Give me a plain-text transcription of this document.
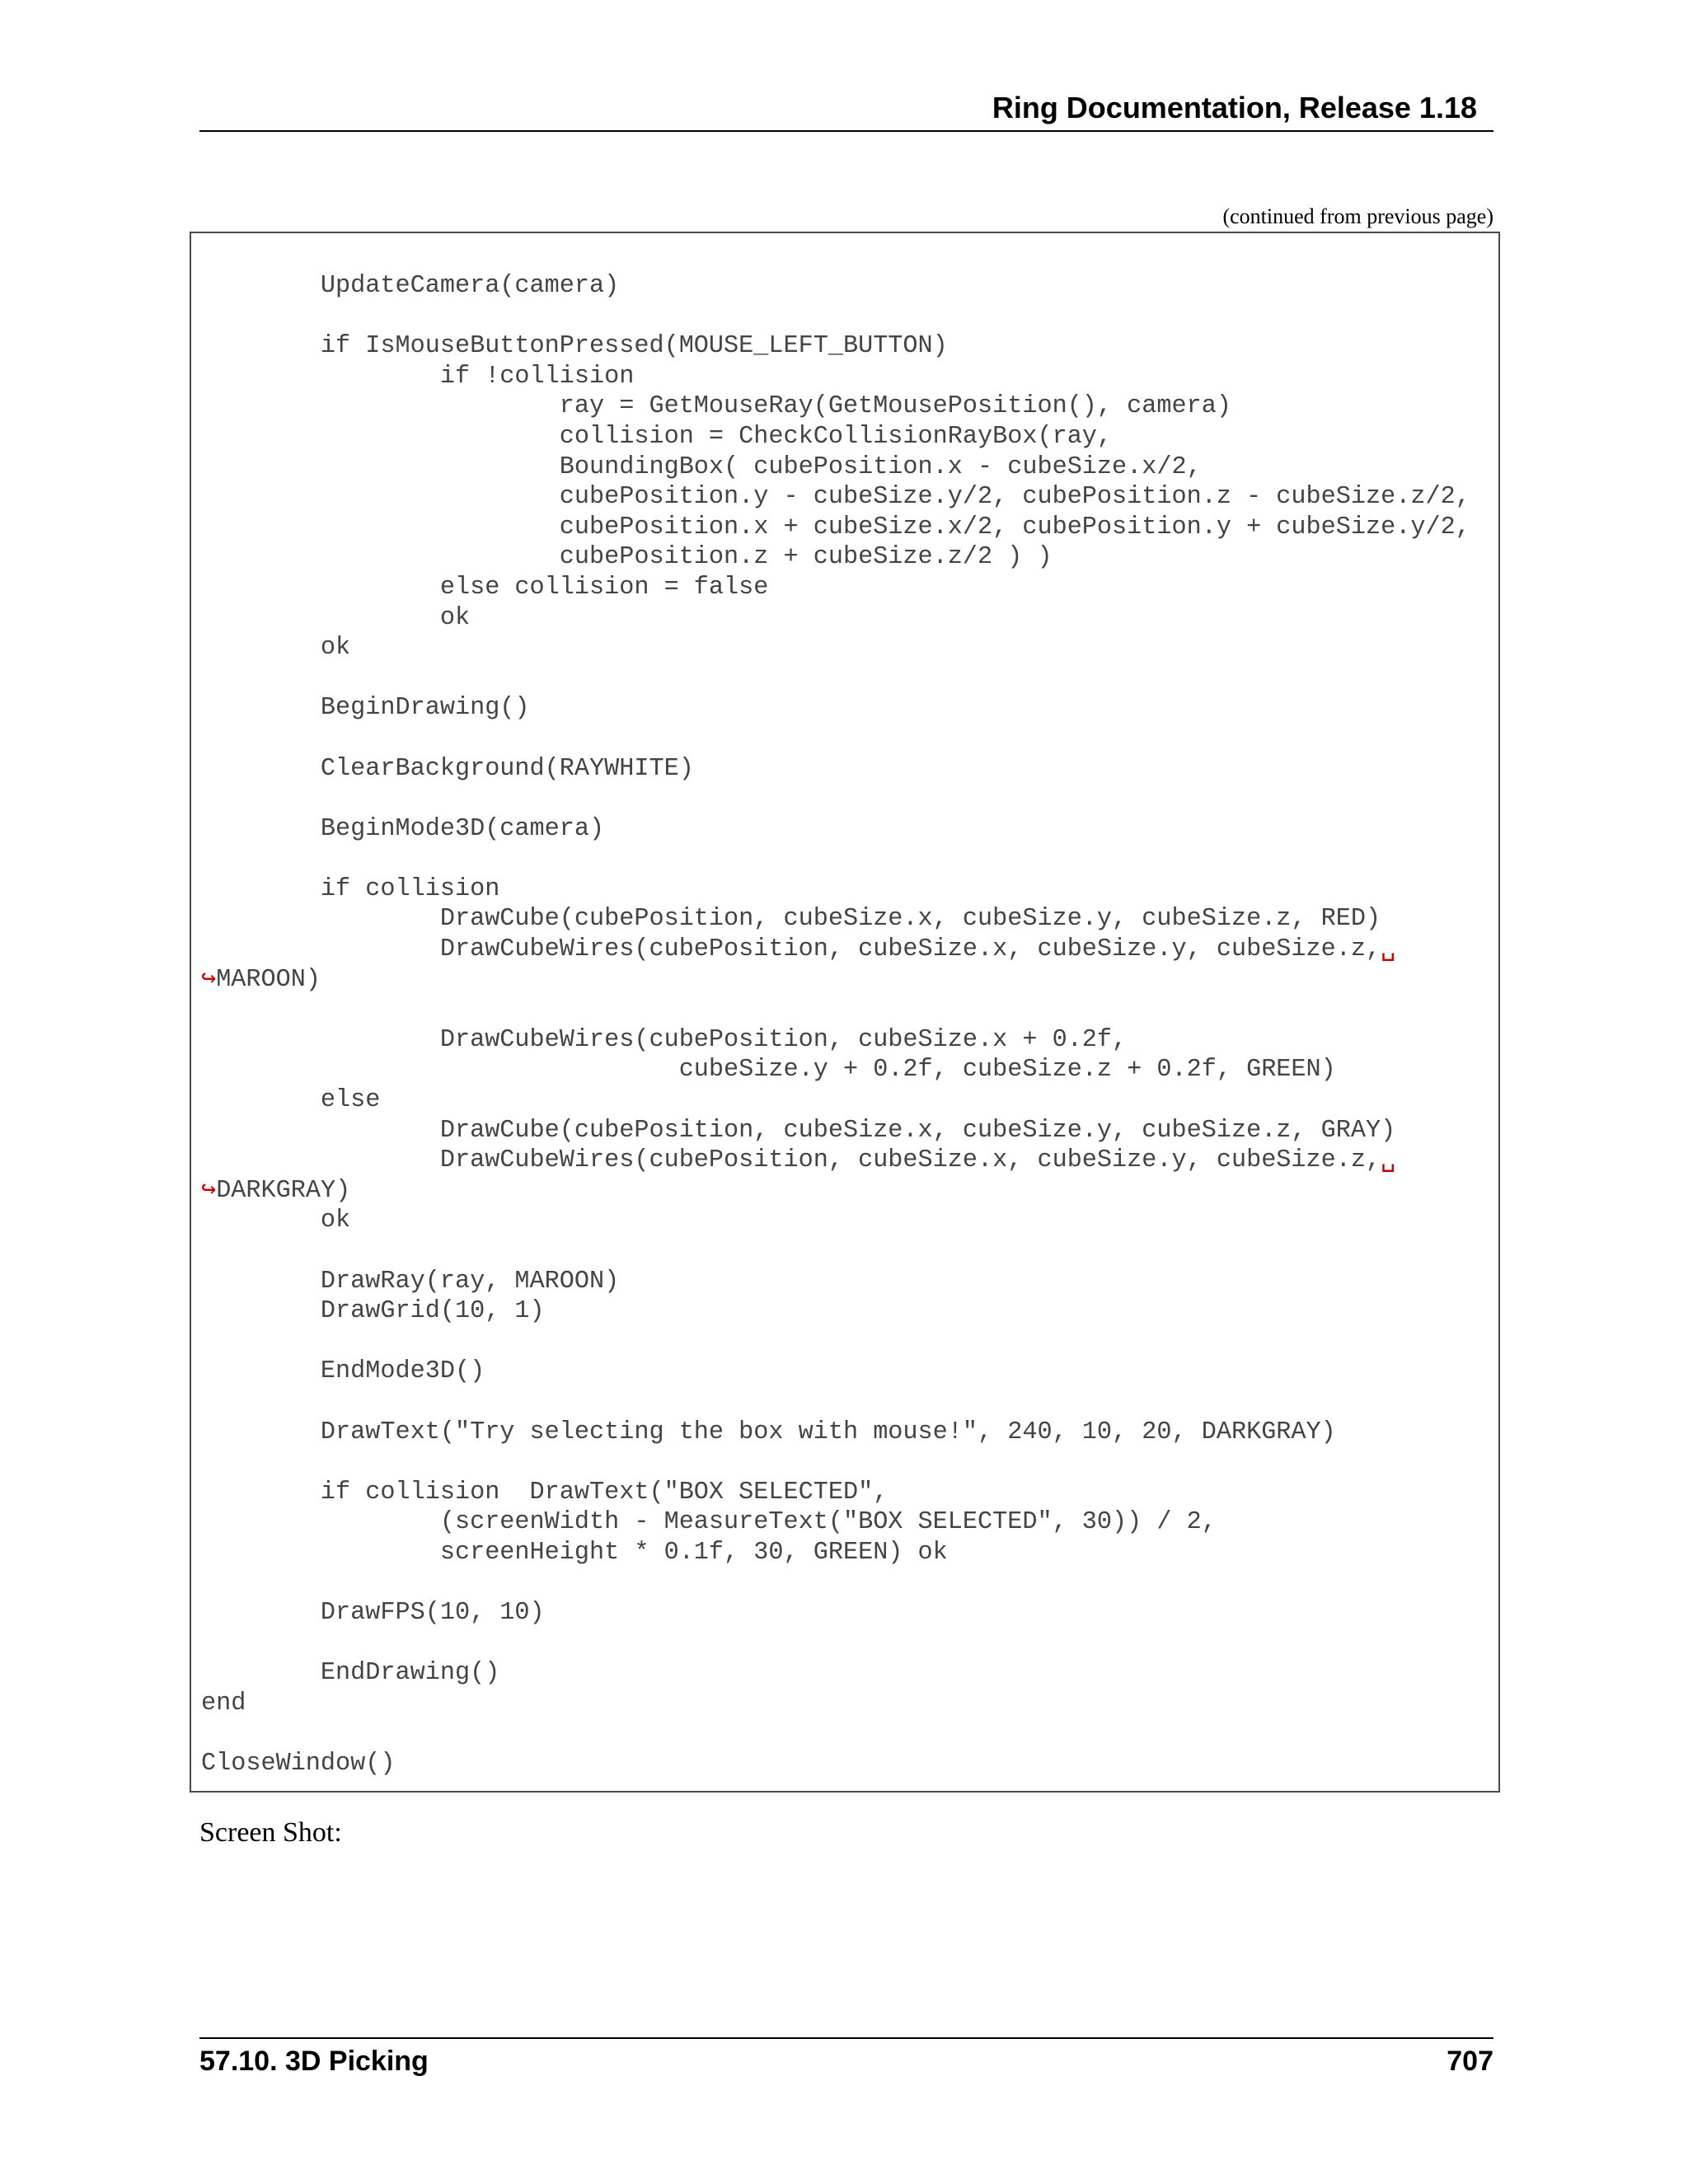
Ring Documentation, Release 1.18
(continued from previous page)
UpdateCamera(camera)
if IsMouseButtonPressed(MOUSE_LEFT_BUTTON)
if !collision
ray = GetMouseRay(GetMousePosition(), camera)
collision = CheckCollisionRayBox(ray,
BoundingBox( cubePosition.x - cubeSize.x/2,
cubePosition.y - cubeSize.y/2, cubePosition.z - cubeSize.z/2,
cubePosition.x + cubeSize.x/2, cubePosition.y + cubeSize.y/2,
cubePosition.z + cubeSize.z/2 ) )
else collision = false
ok
ok
BeginDrawing()
ClearBackground(RAYWHITE)
BeginMode3D(camera)
if collision
DrawCube(cubePosition, cubeSize.x, cubeSize.y, cubeSize.z, RED)
DrawCubeWires(cubePosition, cubeSize.x, cubeSize.y, cubeSize.z,␣
↪MAROON)
DrawCubeWires(cubePosition, cubeSize.x + 0.2f,
cubeSize.y + 0.2f, cubeSize.z + 0.2f, GREEN)
else
DrawCube(cubePosition, cubeSize.x, cubeSize.y, cubeSize.z, GRAY)
DrawCubeWires(cubePosition, cubeSize.x, cubeSize.y, cubeSize.z,␣
↪DARKGRAY)
ok
DrawRay(ray, MAROON)
DrawGrid(10, 1)
EndMode3D()
DrawText("Try selecting the box with mouse!", 240, 10, 20, DARKGRAY)
if collision  DrawText("BOX SELECTED",
(screenWidth - MeasureText("BOX SELECTED", 30)) / 2,
screenHeight * 0.1f, 30, GREEN) ok
DrawFPS(10, 10)
EndDrawing()
end
CloseWindow()
Screen Shot:
57.10. 3D Picking	707
